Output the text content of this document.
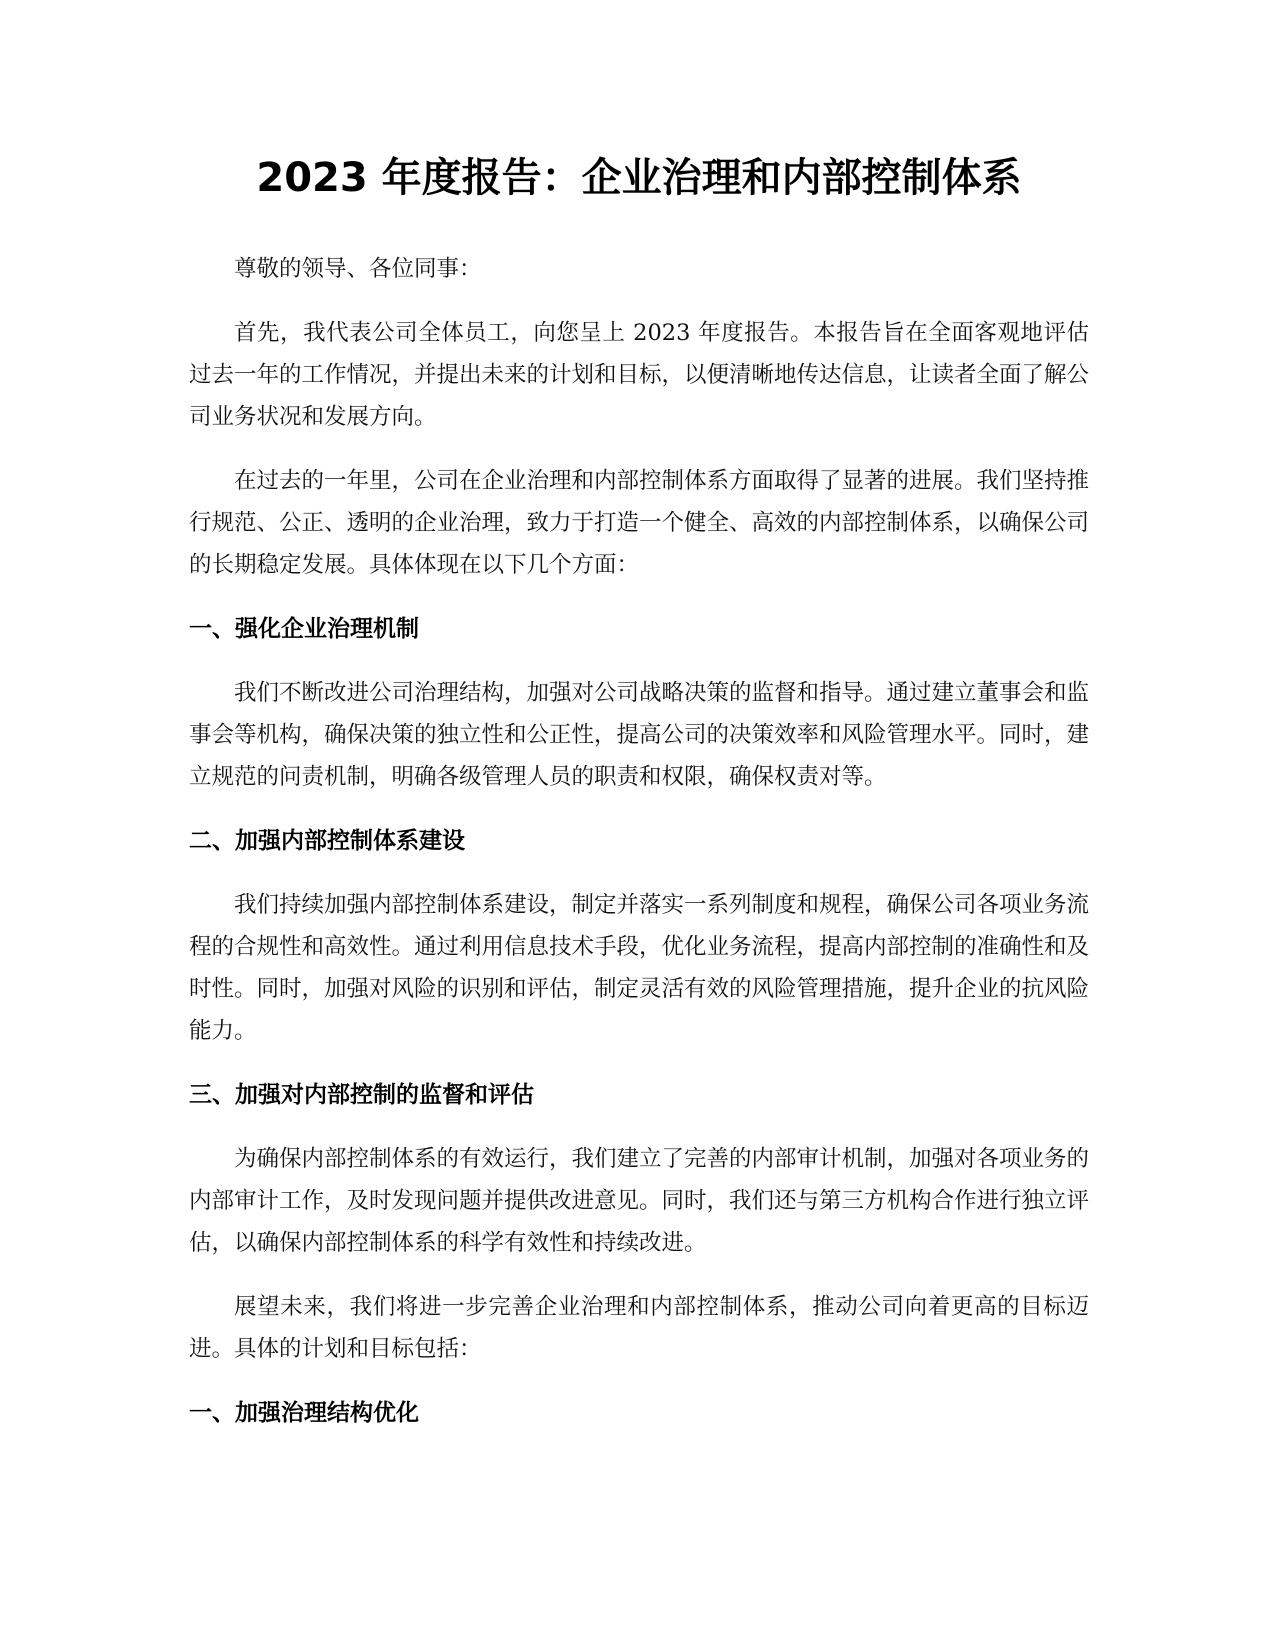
2023 年度报告：企业治理和内部控制体系

尊敬的领导、各位同事：

首先，我代表公司全体员工，向您呈上 2023 年度报告。本报告旨在全面客观地评估过去一年的工作情况，并提出未来的计划和目标，以便清晰地传达信息，让读者全面了解公司业务状况和发展方向。

在过去的一年里，公司在企业治理和内部控制体系方面取得了显著的进展。我们坚持推行规范、公正、透明的企业治理，致力于打造一个健全、高效的内部控制体系，以确保公司的长期稳定发展。具体体现在以下几个方面：

一、强化企业治理机制

我们不断改进公司治理结构，加强对公司战略决策的监督和指导。通过建立董事会和监事会等机构，确保决策的独立性和公正性，提高公司的决策效率和风险管理水平。同时，建立规范的问责机制，明确各级管理人员的职责和权限，确保权责对等。

二、加强内部控制体系建设

我们持续加强内部控制体系建设，制定并落实一系列制度和规程，确保公司各项业务流程的合规性和高效性。通过利用信息技术手段，优化业务流程，提高内部控制的准确性和及时性。同时，加强对风险的识别和评估，制定灵活有效的风险管理措施，提升企业的抗风险能力。

三、加强对内部控制的监督和评估

为确保内部控制体系的有效运行，我们建立了完善的内部审计机制，加强对各项业务的内部审计工作，及时发现问题并提供改进意见。同时，我们还与第三方机构合作进行独立评估，以确保内部控制体系的科学有效性和持续改进。

展望未来，我们将进一步完善企业治理和内部控制体系，推动公司向着更高的目标迈进。具体的计划和目标包括：

一、加强治理结构优化
